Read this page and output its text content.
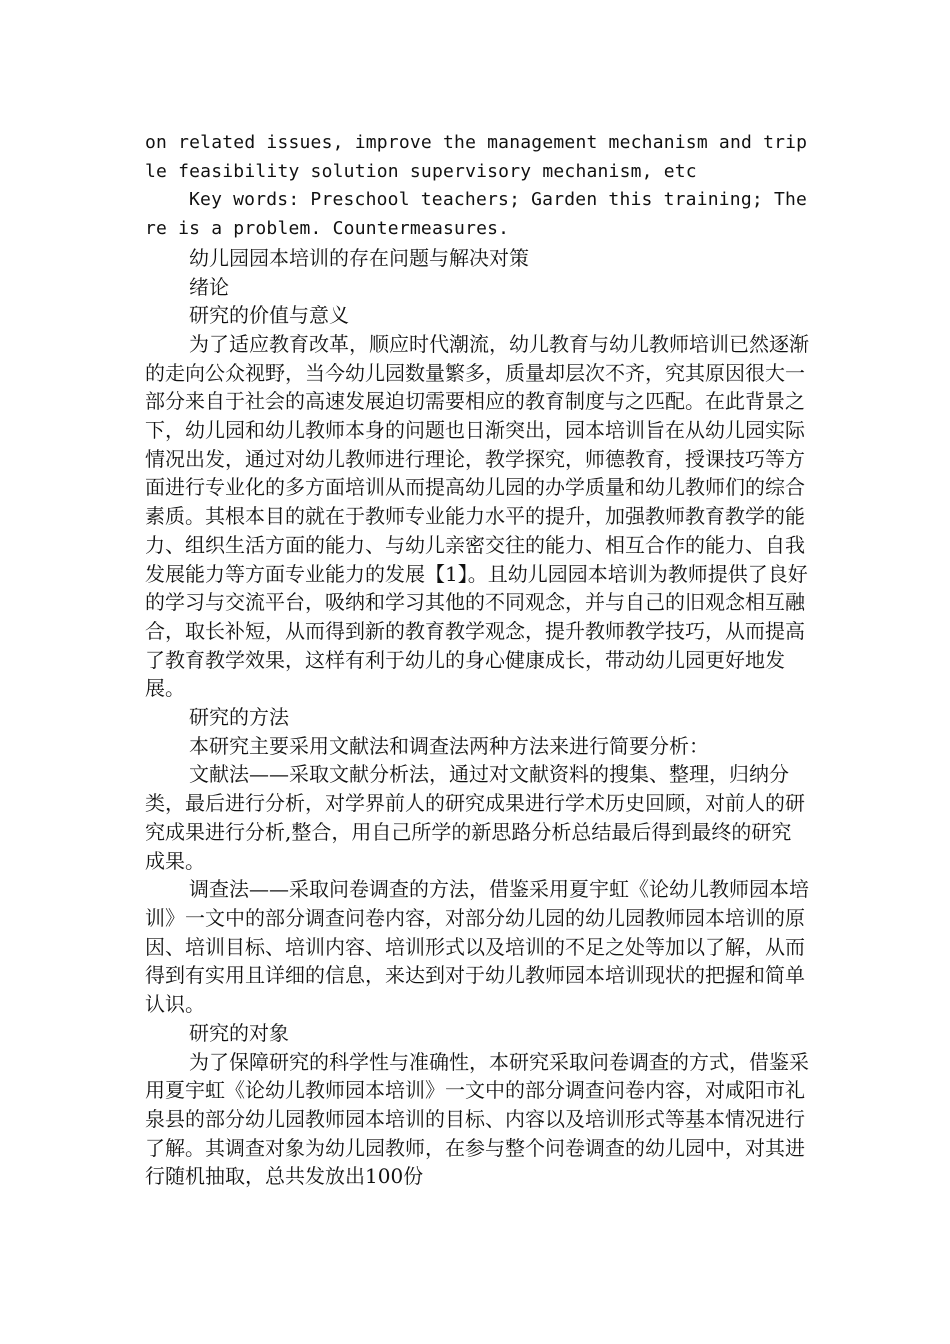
on related issues, improve the management mechanism and triple feasibility solution supervisory mechanism, etc

Key words: Preschool teachers; Garden this training; There is a problem. Countermeasures.

幼儿园园本培训的存在问题与解决对策

绪论

研究的价值与意义

为了适应教育改革，顺应时代潮流，幼儿教育与幼儿教师培训已然逐渐的走向公众视野，当今幼儿园数量繁多，质量却层次不齐，究其原因很大一部分来自于社会的高速发展迫切需要相应的教育制度与之匹配。在此背景之下，幼儿园和幼儿教师本身的问题也日渐突出，园本培训旨在从幼儿园实际情况出发，通过对幼儿教师进行理论，教学探究，师德教育，授课技巧等方面进行专业化的多方面培训从而提高幼儿园的办学质量和幼儿教师们的综合素质。其根本目的就在于教师专业能力水平的提升，加强教师教育教学的能力、组织生活方面的能力、与幼儿亲密交往的能力、相互合作的能力、自我发展能力等方面专业能力的发展【1】。且幼儿园园本培训为教师提供了良好的学习与交流平台，吸纳和学习其他的不同观念，并与自己的旧观念相互融合，取长补短，从而得到新的教育教学观念，提升教师教学技巧，从而提高了教育教学效果，这样有利于幼儿的身心健康成长，带动幼儿园更好地发展。

研究的方法

本研究主要采用文献法和调查法两种方法来进行简要分析：

文献法——采取文献分析法，通过对文献资料的搜集、整理，归纳分类，最后进行分析，对学界前人的研究成果进行学术历史回顾，对前人的研究成果进行分析,整合，用自己所学的新思路分析总结最后得到最终的研究成果。

调查法——采取问卷调查的方法，借鉴采用夏宇虹《论幼儿教师园本培训》一文中的部分调查问卷内容，对部分幼儿园的幼儿园教师园本培训的原因、培训目标、培训内容、培训形式以及培训的不足之处等加以了解，从而得到有实用且详细的信息，来达到对于幼儿教师园本培训现状的把握和简单认识。

研究的对象

为了保障研究的科学性与准确性，本研究采取问卷调查的方式，借鉴采用夏宇虹《论幼儿教师园本培训》一文中的部分调查问卷内容，对咸阳市礼泉县的部分幼儿园教师园本培训的目标、内容以及培训形式等基本情况进行了解。其调查对象为幼儿园教师，在参与整个问卷调查的幼儿园中，对其进行随机抽取，总共发放出100份
